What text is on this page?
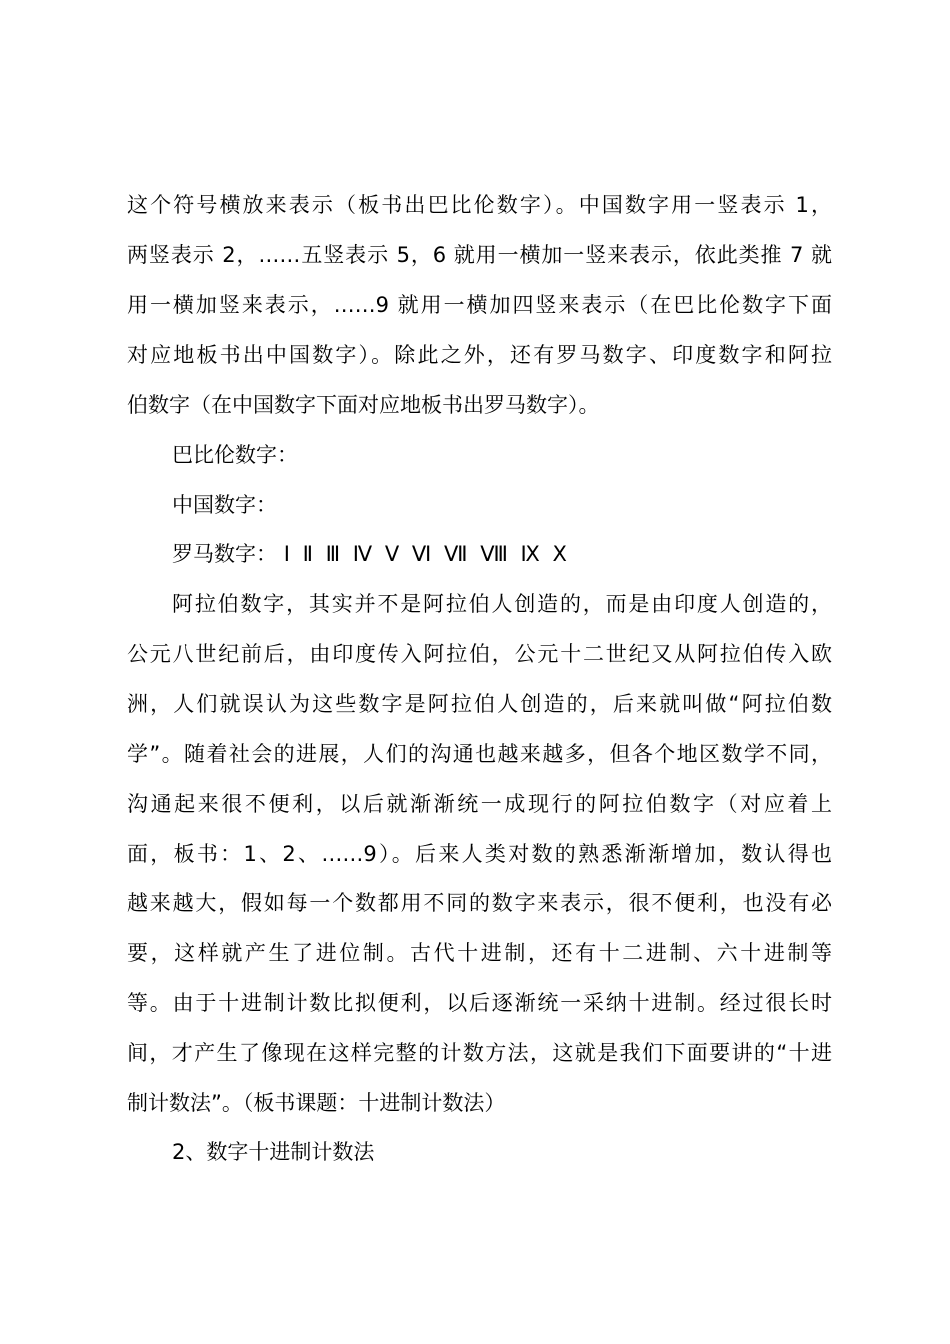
这个符号横放来表示（板书出巴比伦数字）。中国数字用一竖表示 1，
两竖表示 2，……五竖表示 5，6 就用一横加一竖来表示，依此类推 7 就
用一横加竖来表示，……9 就用一横加四竖来表示（在巴比伦数字下面
对应地板书出中国数字）。除此之外，还有罗马数字、印度数字和阿拉
伯数字（在中国数字下面对应地板书出罗马数字）。
巴比伦数字：
中国数字：
罗马数字： Ⅰ Ⅱ Ⅲ Ⅳ Ⅴ Ⅵ Ⅶ Ⅷ Ⅸ Ⅹ
阿拉伯数字，其实并不是阿拉伯人创造的，而是由印度人创造的，
公元八世纪前后，由印度传入阿拉伯，公元十二世纪又从阿拉伯传入欧
洲，人们就误认为这些数字是阿拉伯人创造的，后来就叫做“阿拉伯数
学”。随着社会的进展，人们的沟通也越来越多，但各个地区数学不同，
沟通起来很不便利，以后就渐渐统一成现行的阿拉伯数字（对应着上
面，板书：1、2、……9）。后来人类对数的熟悉渐渐增加，数认得也
越来越大，假如每一个数都用不同的数字来表示，很不便利，也没有必
要，这样就产生了进位制。古代十进制，还有十二进制、六十进制等
等。由于十进制计数比拟便利，以后逐渐统一采纳十进制。经过很长时
间，才产生了像现在这样完整的计数方法，这就是我们下面要讲的“十进
制计数法”。（板书课题：十进制计数法）
2、数字十进制计数法
